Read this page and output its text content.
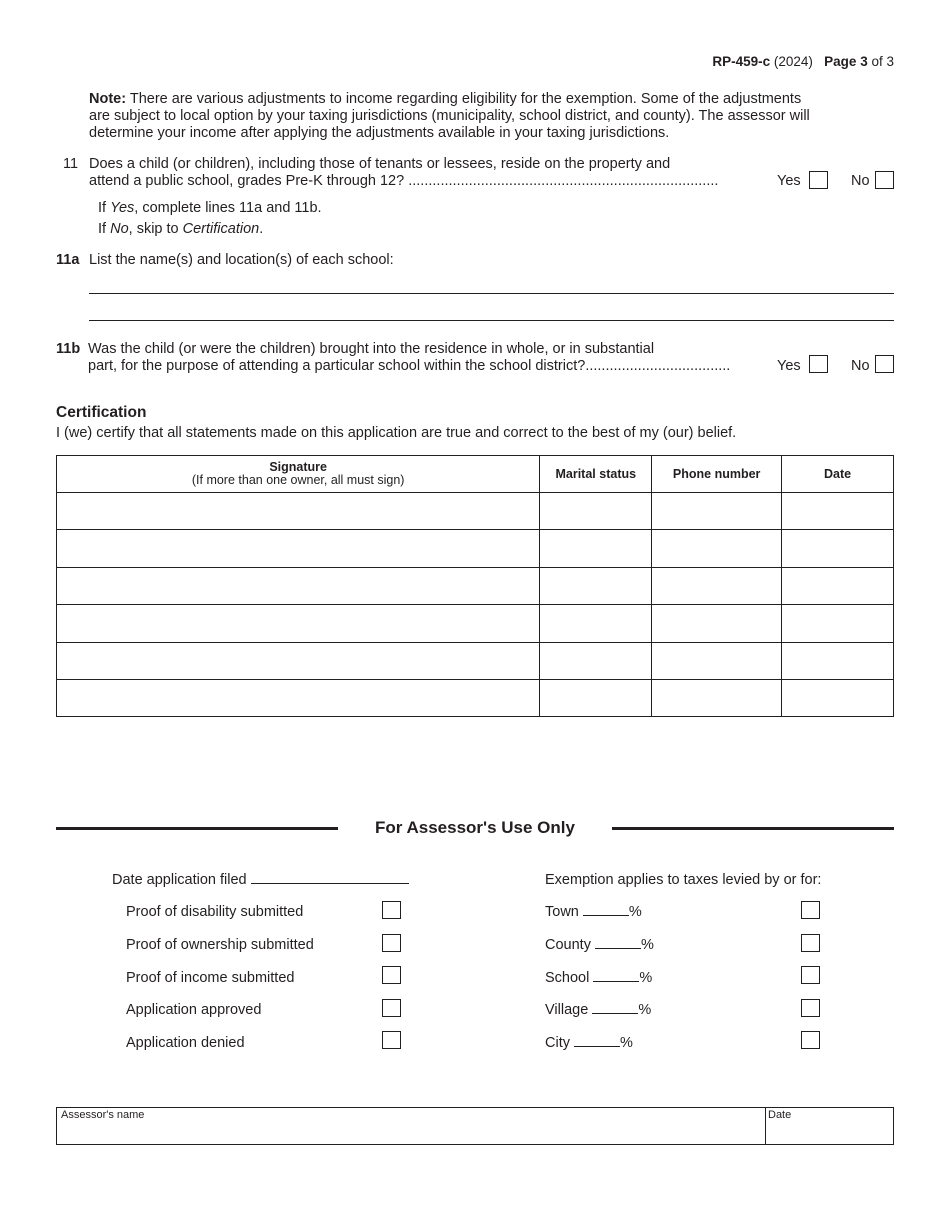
RP-459-c (2024) Page 3 of 3
Note: There are various adjustments to income regarding eligibility for the exemption. Some of the adjustments
are subject to local option by your taxing jurisdictions (municipality, school district, and county). The assessor will
determine your income after applying the adjustments available in your taxing jurisdictions.
11 Does a child (or children), including those of tenants or lessees, reside on the property and
attend a public school, grades Pre-K through 12? .............................................................................	Yes	No
If Yes, complete lines 11a and 11b.
If No, skip to Certification.
11a List the name(s) and location(s) of each school:
11b Was the child (or were the children) brought into the residence in whole, or in substantial
part, for the purpose of attending a particular school within the school district?....................................	Yes	No
Certification
I (we) certify that all statements made on this application are true and correct to the best of my (our) belief.
Signature
(If more than one owner, all must sign)	Marital status	Phone number	Date

For Assessor's Use Only
Date application filed
Proof of disability submitted
Proof of ownership submitted
Proof of income submitted
Application approved
Application denied
Exemption applies to taxes levied by or for:
Town	%
County	%
School	%
Village	%
City	%
Assessor's name	Date
